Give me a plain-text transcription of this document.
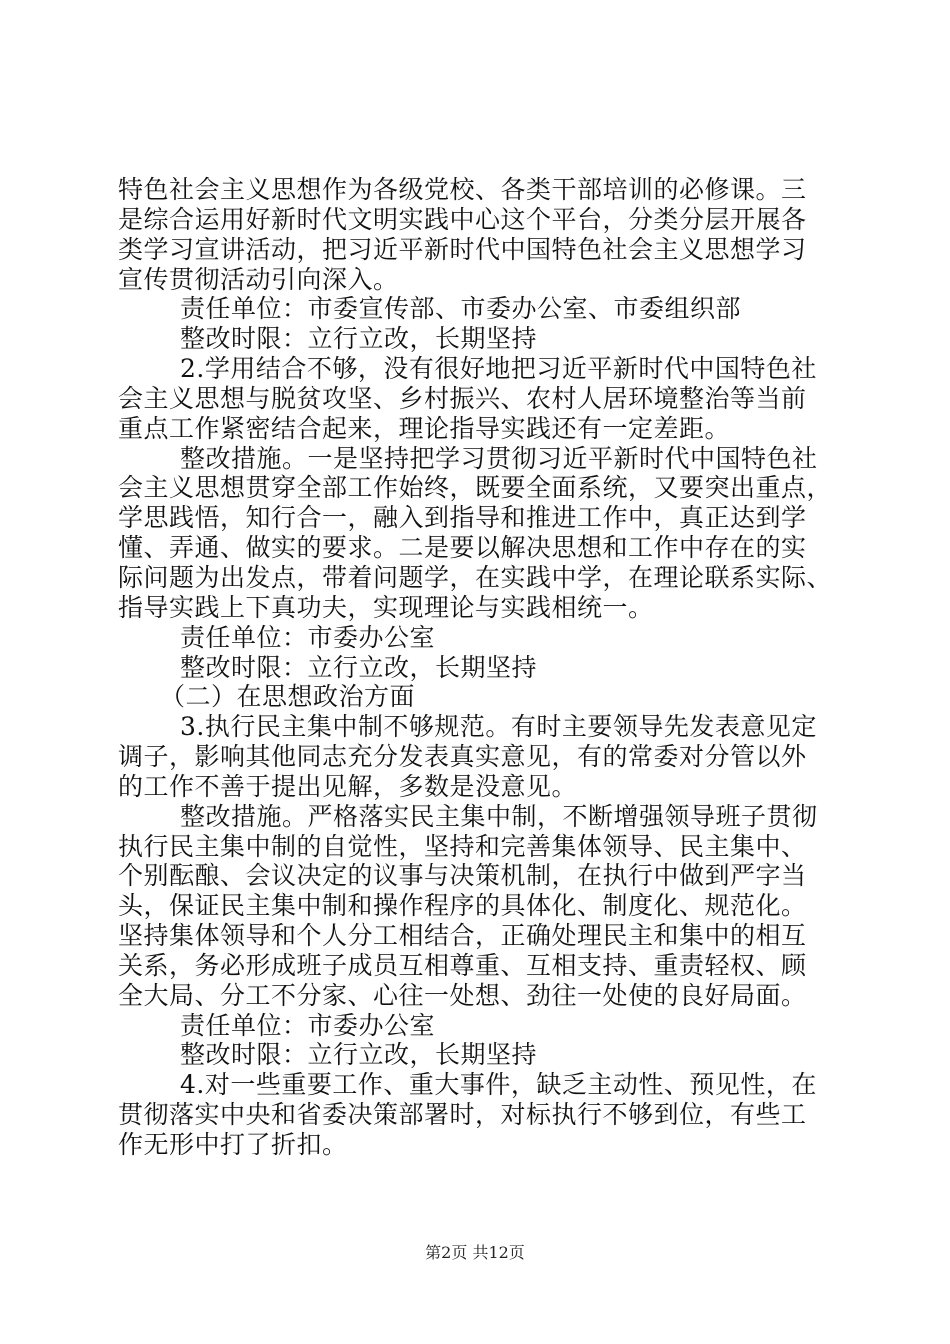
特色社会主义思想作为各级党校、各类干部培训的必修课。三
是综合运用好新时代文明实践中心这个平台，分类分层开展各
类学习宣讲活动，把习近平新时代中国特色社会主义思想学习
宣传贯彻活动引向深入。
责任单位：市委宣传部、市委办公室、市委组织部
整改时限：立行立改，长期坚持
2.学用结合不够，没有很好地把习近平新时代中国特色社
会主义思想与脱贫攻坚、乡村振兴、农村人居环境整治等当前
重点工作紧密结合起来，理论指导实践还有一定差距。
整改措施。一是坚持把学习贯彻习近平新时代中国特色社
会主义思想贯穿全部工作始终，既要全面系统，又要突出重点，
学思践悟，知行合一，融入到指导和推进工作中，真正达到学
懂、弄通、做实的要求。二是要以解决思想和工作中存在的实
际问题为出发点，带着问题学，在实践中学，在理论联系实际、
指导实践上下真功夫，实现理论与实践相统一。
责任单位：市委办公室
整改时限：立行立改，长期坚持
（二）在思想政治方面
3.执行民主集中制不够规范。有时主要领导先发表意见定
调子，影响其他同志充分发表真实意见，有的常委对分管以外
的工作不善于提出见解，多数是没意见。
整改措施。严格落实民主集中制，不断增强领导班子贯彻
执行民主集中制的自觉性，坚持和完善集体领导、民主集中、
个别酝酿、会议决定的议事与决策机制，在执行中做到严字当
头，保证民主集中制和操作程序的具体化、制度化、规范化。
坚持集体领导和个人分工相结合，正确处理民主和集中的相互
关系，务必形成班子成员互相尊重、互相支持、重责轻权、顾
全大局、分工不分家、心往一处想、劲往一处使的良好局面。
责任单位：市委办公室
整改时限：立行立改，长期坚持
4.对一些重要工作、重大事件，缺乏主动性、预见性，在
贯彻落实中央和省委决策部署时，对标执行不够到位，有些工
作无形中打了折扣。
第2页 共12页
